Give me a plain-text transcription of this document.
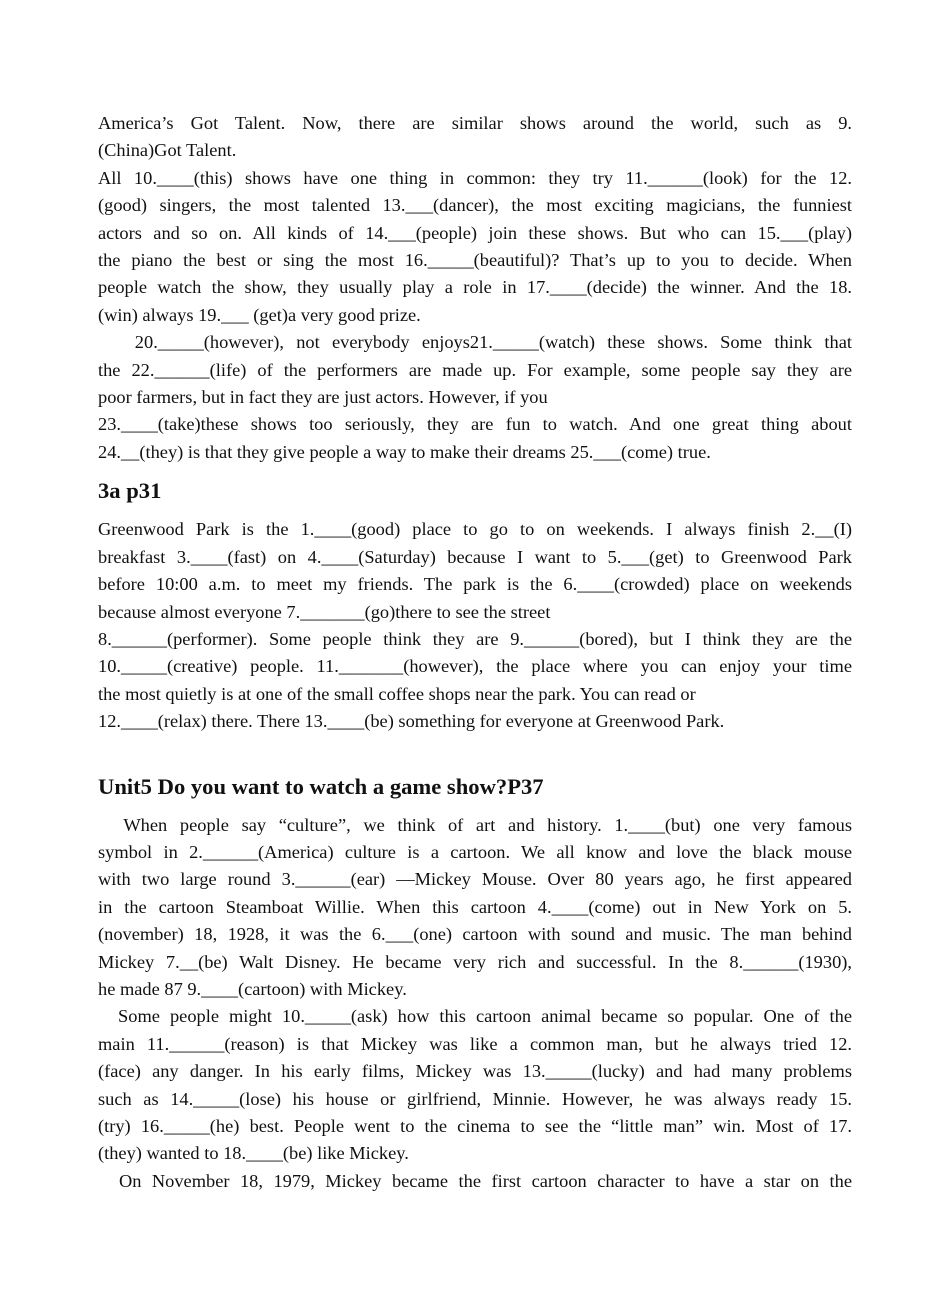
America’s Got Talent. Now, there are similar shows around the world, such as 9.
(China)Got Talent.
All 10.____(this) shows have one thing in common: they try 11.______(look) for the 12.
(good) singers, the most talented 13.___(dancer), the most exciting magicians, the funniest
actors and so on. All kinds of 14.___(people) join these shows. But who can 15.___(play)
the piano the best or sing the most 16._____(beautiful)? That’s up to you to decide. When
people watch the show, they usually play a role in 17.____(decide) the winner. And the 18.
(win) always 19.___ (get)a very good prize.
20._____(however), not everybody enjoys21._____(watch) these shows. Some think that
the 22.______(life) of the performers are made up. For example, some people say they are
poor farmers, but in fact they are just actors. However, if you
23.____(take)these shows too seriously, they are fun to watch. And one great thing about
24.__(they) is that they give people a way to make their dreams 25.___(come) true.

3a p31

Greenwood Park is the 1.____(good) place to go to on weekends. I always finish 2.__(I)
breakfast 3.____(fast) on 4.____(Saturday) because I want to 5.___(get) to Greenwood Park
before 10:00 a.m. to meet my friends. The park is the 6.____(crowded) place on weekends
because almost everyone 7._______(go)there to see the street
8.______(performer). Some people think they are 9.______(bored), but I think they are the
10._____(creative) people. 11._______(however), the place where you can enjoy your time
the most quietly is at one of the small coffee shops near the park. You can read or
12.____(relax) there. There 13.____(be) something for everyone at Greenwood Park.

Unit5 Do you want to watch a game show?P37

When people say “culture”, we think of art and history. 1.____(but) one very famous
symbol in 2.______(America) culture is a cartoon. We all know and love the black mouse
with two large round 3.______(ear) —Mickey Mouse. Over 80 years ago, he first appeared
in the cartoon Steamboat Willie. When this cartoon 4.____(come) out in New York on 5.
(november) 18, 1928, it was the 6.___(one) cartoon with sound and music. The man behind
Mickey 7.__(be) Walt Disney. He became very rich and successful. In the 8.______(1930),
he made 87 9.____(cartoon) with Mickey.
Some people might 10._____(ask) how this cartoon animal became so popular. One of the
main 11.______(reason) is that Mickey was like a common man, but he always tried 12.
(face) any danger. In his early films, Mickey was 13._____(lucky) and had many problems
such as 14._____(lose) his house or girlfriend, Minnie. However, he was always ready 15.
(try) 16._____(he) best. People went to the cinema to see the “little man” win. Most of 17.
(they) wanted to 18.____(be) like Mickey.
On November 18, 1979, Mickey became the first cartoon character to have a star on the
